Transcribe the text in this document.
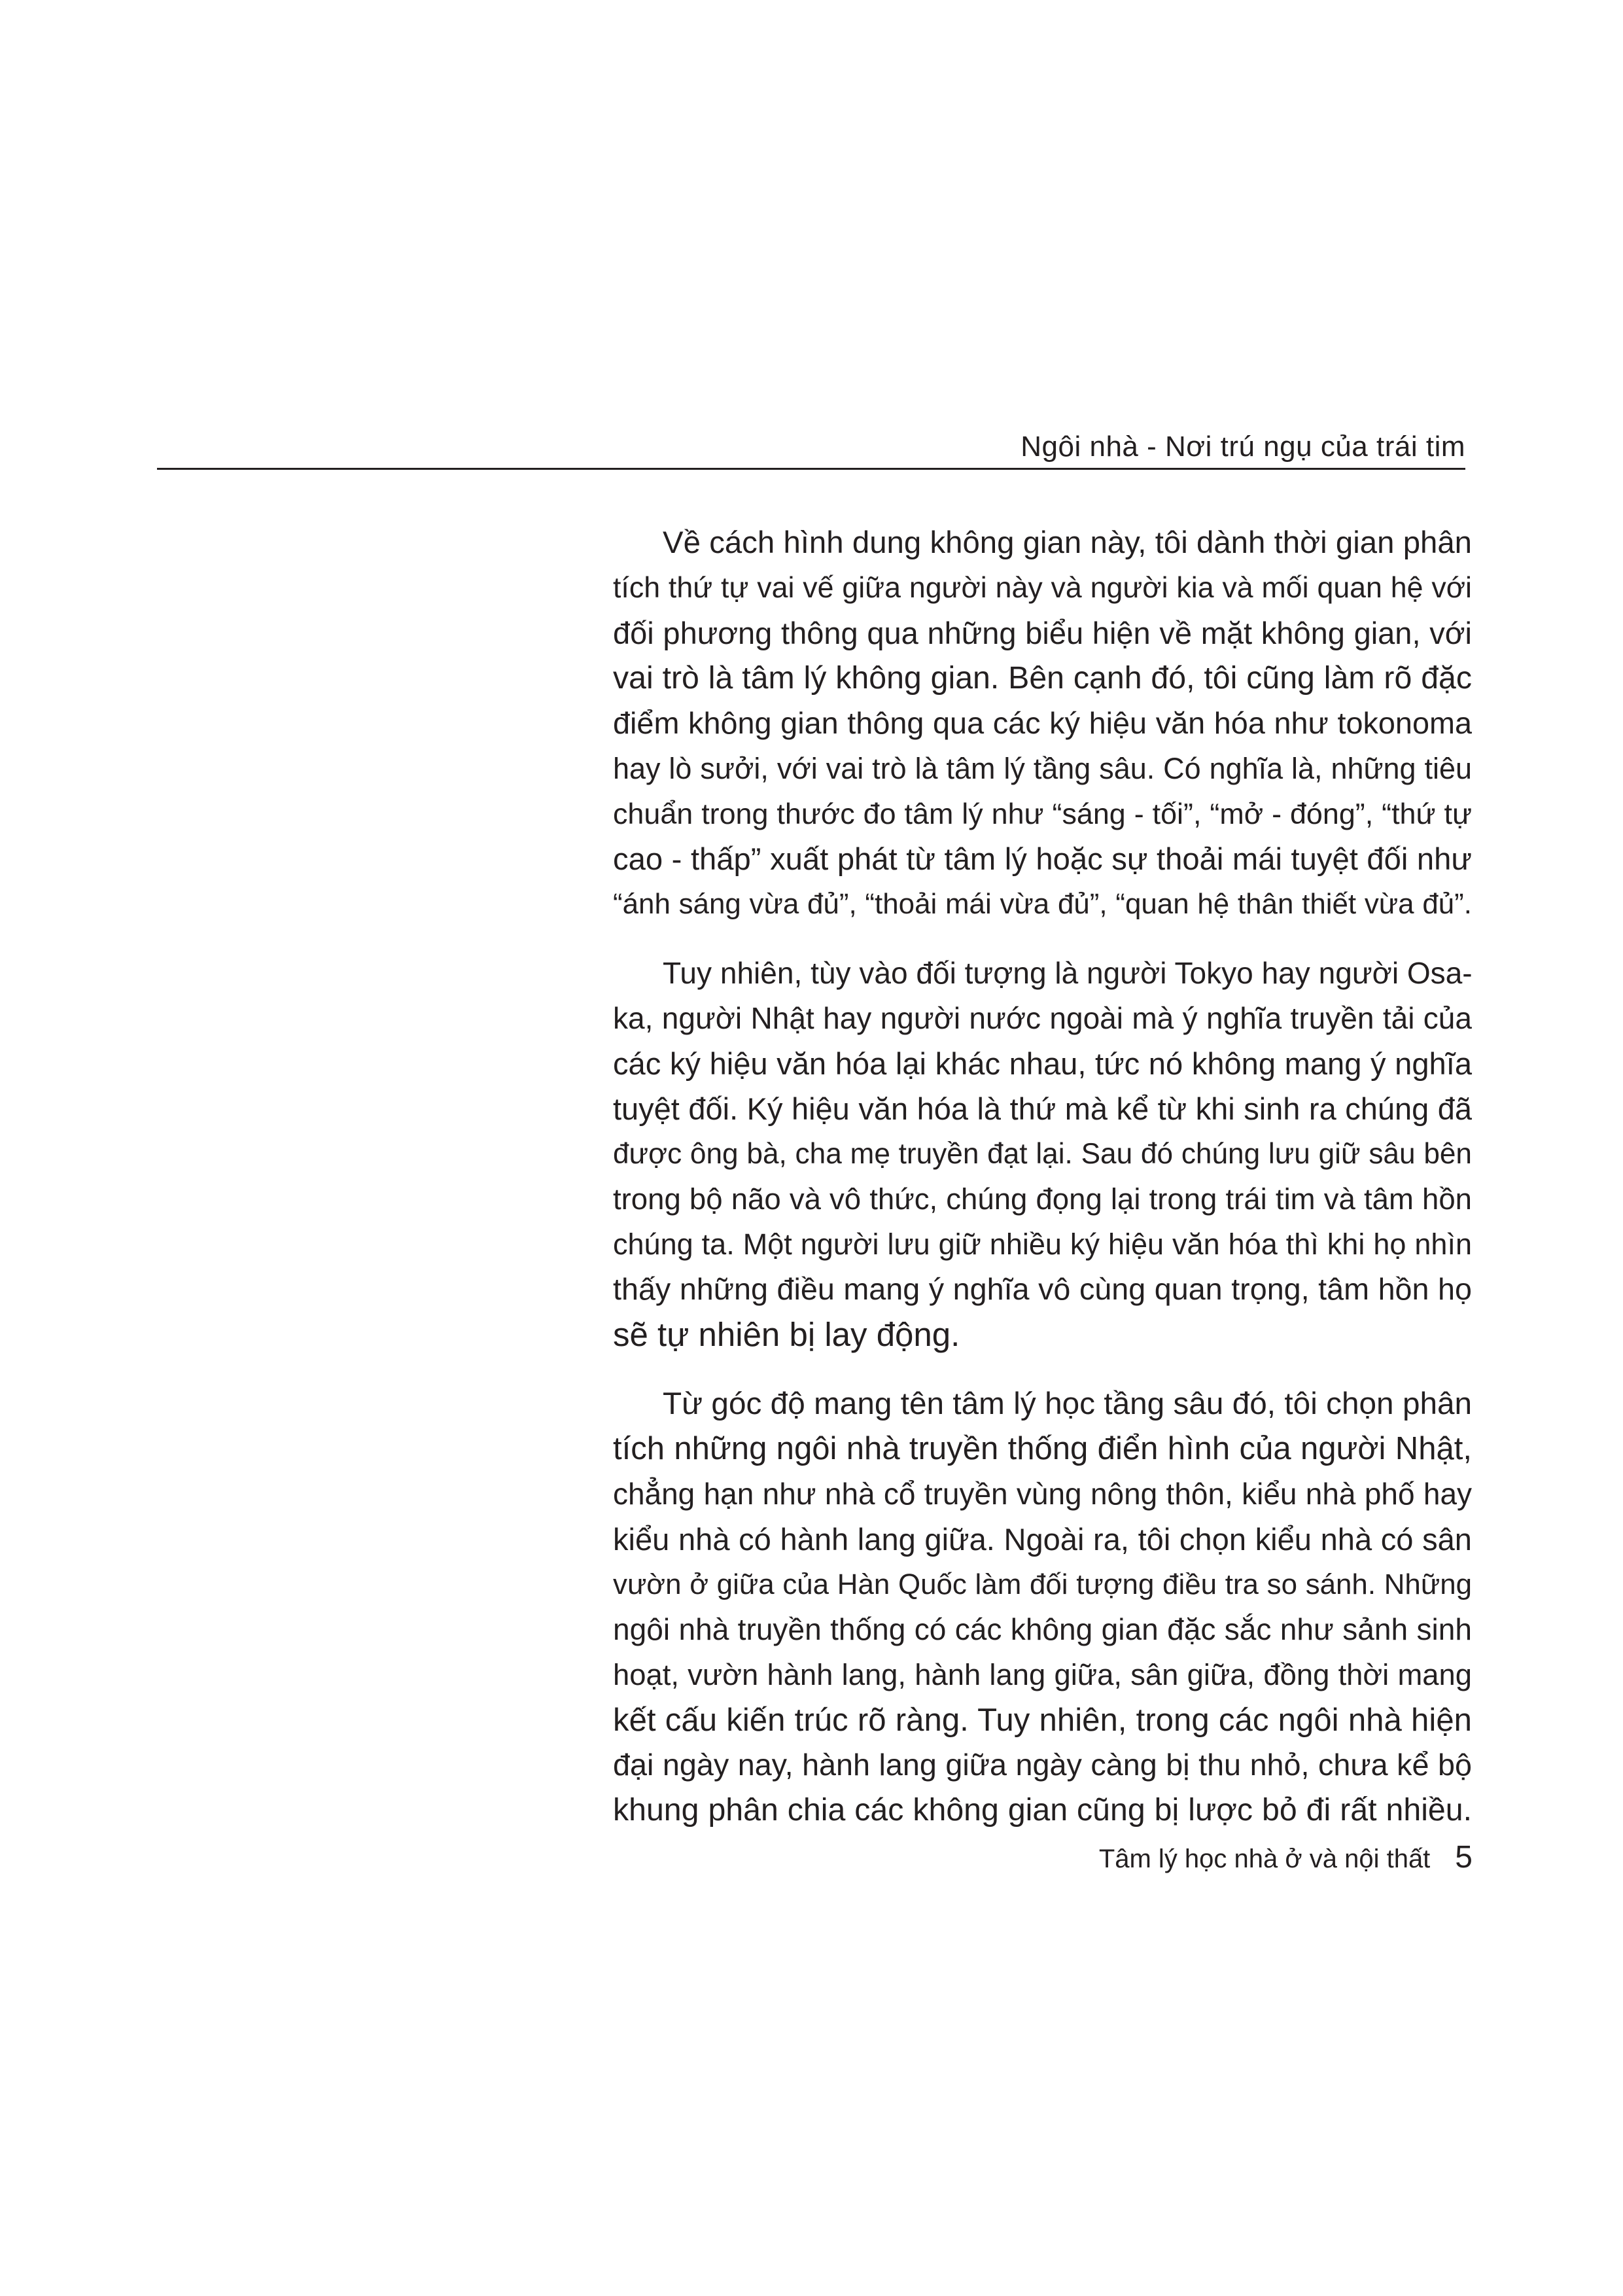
Ngôi nhà - Nơi trú ngụ của trái tim
Về cách hình dung không gian này, tôi dành thời gian phân
tích thứ tự vai vế giữa người này và người kia và mối quan hệ với
đối phương thông qua những biểu hiện về mặt không gian, với
vai trò là tâm lý không gian. Bên cạnh đó, tôi cũng làm rõ đặc
điểm không gian thông qua các ký hiệu văn hóa như tokonoma
hay lò sưởi, với vai trò là tâm lý tầng sâu. Có nghĩa là, những tiêu
chuẩn trong thước đo tâm lý như “sáng - tối”, “mở - đóng”, “thứ tự
cao - thấp” xuất phát từ tâm lý hoặc sự thoải mái tuyệt đối như
“ánh sáng vừa đủ”, “thoải mái vừa đủ”, “quan hệ thân thiết vừa đủ”.
Tuy nhiên, tùy vào đối tượng là người Tokyo hay người Osa-
ka, người Nhật hay người nước ngoài mà ý nghĩa truyền tải của
các ký hiệu văn hóa lại khác nhau, tức nó không mang ý nghĩa
tuyệt đối. Ký hiệu văn hóa là thứ mà kể từ khi sinh ra chúng đã
được ông bà, cha mẹ truyền đạt lại. Sau đó chúng lưu giữ sâu bên
trong bộ não và vô thức, chúng đọng lại trong trái tim và tâm hồn
chúng ta. Một người lưu giữ nhiều ký hiệu văn hóa thì khi họ nhìn
thấy những điều mang ý nghĩa vô cùng quan trọng, tâm hồn họ
sẽ tự nhiên bị lay động.
Từ góc độ mang tên tâm lý học tầng sâu đó, tôi chọn phân
tích những ngôi nhà truyền thống điển hình của người Nhật,
chẳng hạn như nhà cổ truyền vùng nông thôn, kiểu nhà phố hay
kiểu nhà có hành lang giữa. Ngoài ra, tôi chọn kiểu nhà có sân
vườn ở giữa của Hàn Quốc làm đối tượng điều tra so sánh. Những
ngôi nhà truyền thống có các không gian đặc sắc như sảnh sinh
hoạt, vườn hành lang, hành lang giữa, sân giữa, đồng thời mang
kết cấu kiến trúc rõ ràng. Tuy nhiên, trong các ngôi nhà hiện
đại ngày nay, hành lang giữa ngày càng bị thu nhỏ, chưa kể bộ
khung phân chia các không gian cũng bị lược bỏ đi rất nhiều.
Tâm lý học nhà ở và nội thất 5
